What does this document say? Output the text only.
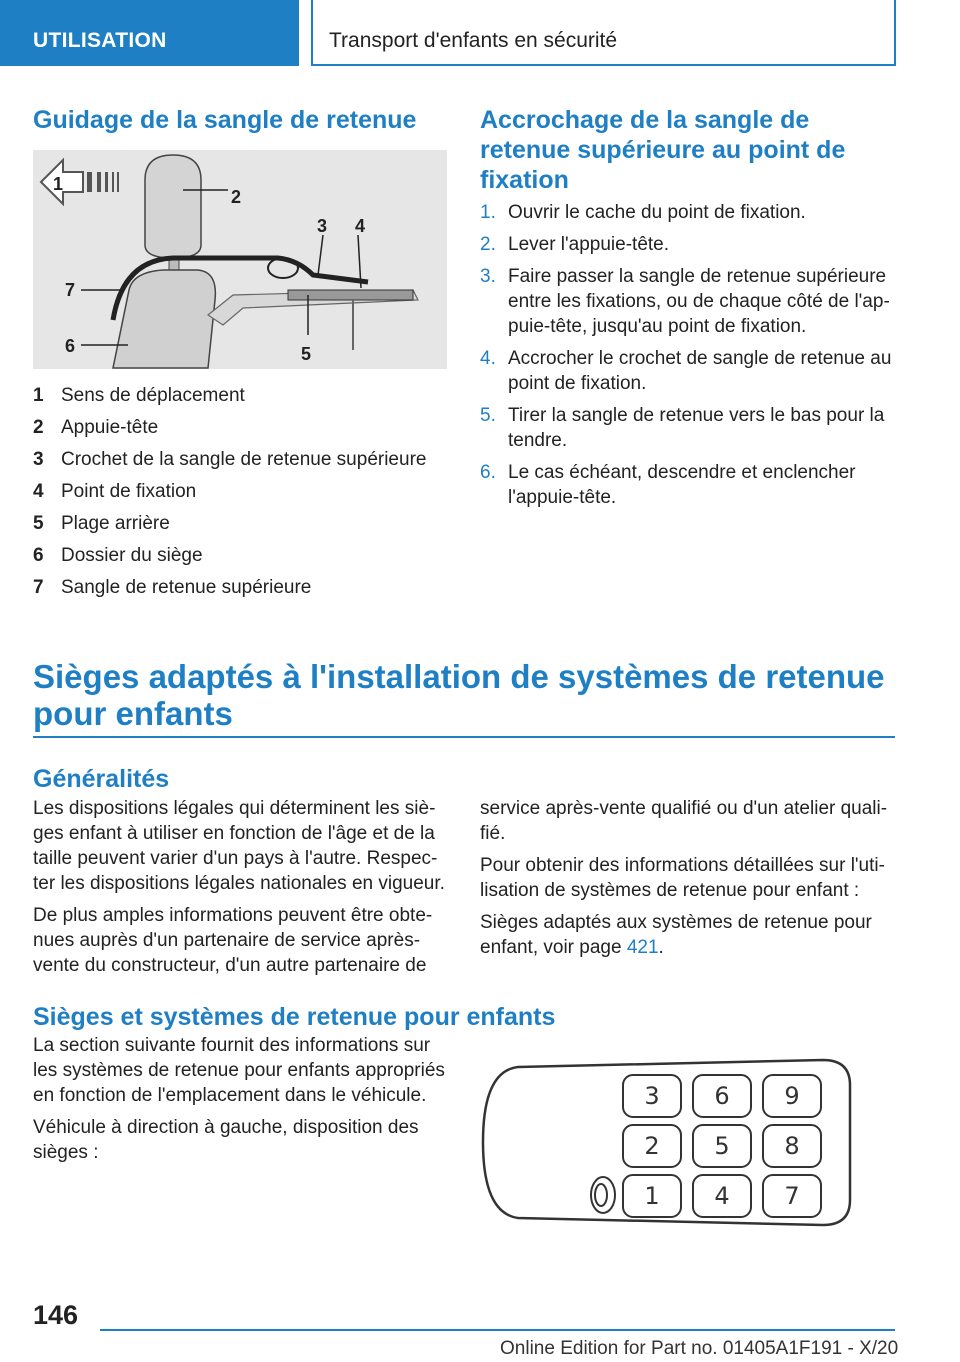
UTILISATION	Transport d'enfants en sécurité
Guidage de la sangle de retenue
1
2
3 4
5
6
7
1 Sens de déplacement
2 Appuie-tête
3 Crochet de la sangle de retenue supérieure
4 Point de fixation
5 Plage arrière
6 Dossier du siège
7 Sangle de retenue supérieure
Accrochage de la sangle de retenue supérieure au point de fixation
1. Ouvrir le cache du point de fixation.
2. Lever l'appuie-tête.
3. Faire passer la sangle de retenue supérieure entre les fixations, ou de chaque côté de l'appuie-tête, jusqu'au point de fixation.
4. Accrocher le crochet de sangle de retenue au point de fixation.
5. Tirer la sangle de retenue vers le bas pour la tendre.
6. Le cas échéant, descendre et enclencher l'appuie-tête.
Sièges adaptés à l'installation de systèmes de retenue pour enfants
Généralités

Les dispositions légales qui déterminent les sièges enfant à utiliser en fonction de l'âge et de la taille peuvent varier d'un pays à l'autre. Respecter les dispositions légales nationales en vigueur.

De plus amples informations peuvent être obtenues auprès d'un partenaire de service après-vente du constructeur, d'un autre partenaire de

service après-vente qualifié ou d'un atelier qualifié.

Pour obtenir des informations détaillées sur l'utilisation de systèmes de retenue pour enfant :

Sièges adaptés aux systèmes de retenue pour enfant, voir page 421.

Sièges et systèmes de retenue pour enfants

La section suivante fournit des informations sur les systèmes de retenue pour enfants appropriés en fonction de l'emplacement dans le véhicule.

Véhicule à direction à gauche, disposition des sièges :

3 6 9
2 5 8
1 4 7
146
Online Edition for Part no. 01405A1F191 - X/20
